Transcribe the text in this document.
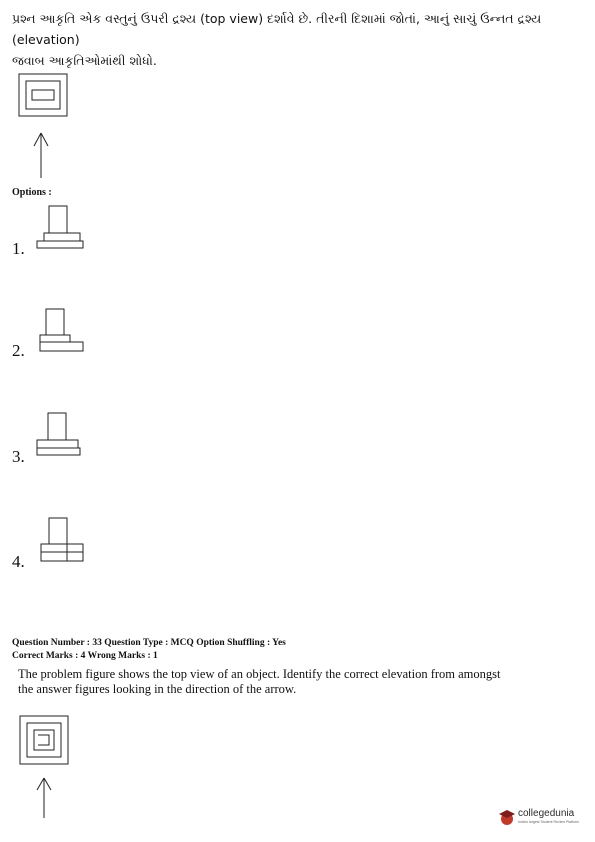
પ્રશ્ન આકૃતિ એક વસ્તુનું ઉપરી દ્રશ્ય (top view) દર્શાવે છે. તીરની દિશામાં જોતાં, આનું સાચું ઉન્નત દ્રશ્ય (elevation)
જવાબ આકૃતિઓમાંથી શોધો.
Options :
1.
2.
3.
4.
Question Number : 33 Question Type : MCQ Option Shuffling : Yes
Correct Marks : 4 Wrong Marks : 1
The problem figure shows the top view of an object. Identify the correct elevation from amongst
the answer figures looking in the direction of the arrow.
collegedunia
India's largest Student Review Platform
